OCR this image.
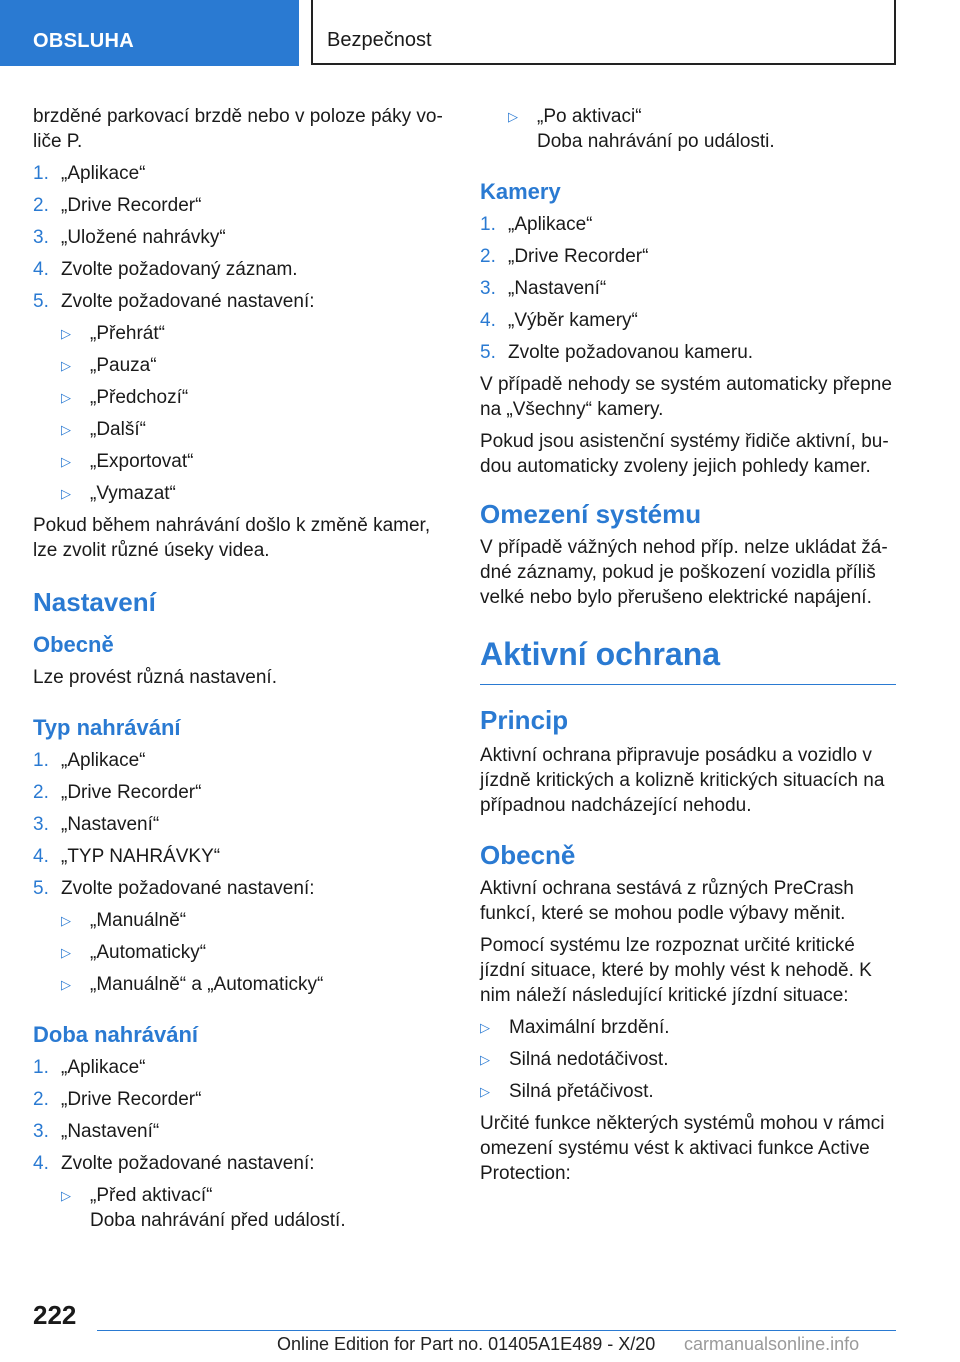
OBSLUHA	Bezpečnost

brzděné parkovací brzdě nebo v poloze páky vo-liče P.

1. „Aplikace“
2. „Drive Recorder“
3. „Uložené nahrávky“
4. Zvolte požadovaný záznam.
5. Zvolte požadované nastavení:
▷	„Přehrát“
▷	„Pauza“
▷	„Předchozí“
▷	„Další“
▷	„Exportovat“
▷	„Vymazat“

Pokud během nahrávání došlo k změně kamer, lze zvolit různé úseky videa.

Nastavení
Obecně

Lze provést různá nastavení.

Typ nahrávání
1. „Aplikace“
2. „Drive Recorder“
3. „Nastavení“
4. „TYP NAHRÁVKY“
5. Zvolte požadované nastavení:
▷	„Manuálně“
▷	„Automaticky“
▷	„Manuálně“ a „Automaticky“
Doba nahrávání
1. „Aplikace“
2. „Drive Recorder“
3. „Nastavení“
4. Zvolte požadované nastavení:
▷	„Před aktivací“
Doba nahrávání před událostí.
▷	„Po aktivaci“
Doba nahrávání po události.
Kamery
1. „Aplikace“
2. „Drive Recorder“
3. „Nastavení“
4. „Výběr kamery“
5. Zvolte požadovanou kameru.

V případě nehody se systém automaticky přepne na „Všechny“ kamery.

Pokud jsou asistenční systémy řidiče aktivní, bu-dou automaticky zvoleny jejich pohledy kamer.

Omezení systému

V případě vážných nehod příp. nelze ukládat žá-dné záznamy, pokud je poškození vozidla příliš velké nebo bylo přerušeno elektrické napájení.

Aktivní ochrana
Princip

Aktivní ochrana připravuje posádku a vozidlo v jízdně kritických a kolizně kritických situacích na případnou nadcházející nehodu.

Obecně

Aktivní ochrana sestává z různých PreCrash funkcí, které se mohou podle výbavy měnit.

Pomocí systému lze rozpoznat určité kritické jízdní situace, které by mohly vést k nehodě. K nim náleží následující kritické jízdní situace:

▷	Maximální brzdění.
▷	Silná nedotáčivost.
▷	Silná přetáčivost.

Určité funkce některých systémů mohou v rámci omezení systému vést k aktivaci funkce Active Protection:

222
Online Edition for Part no. 01405A1E489 - X/20 carmanualsonline.info
